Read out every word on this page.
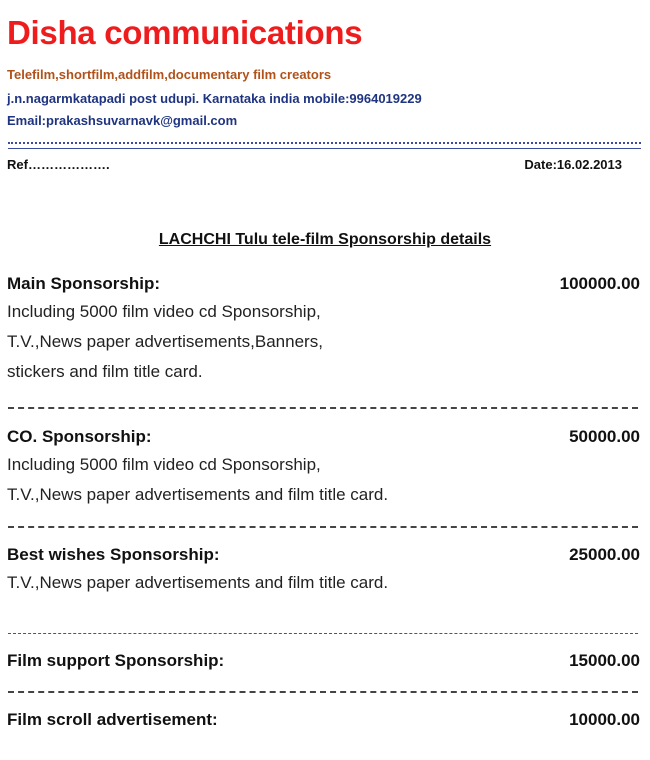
Disha communications
Telefilm,shortfilm,addfilm,documentary film creators
j.n.nagarmkatapadi post udupi. Karnataka india mobile:9964019229
Email:prakashsuvarnavk@gmail.com
Ref……………….	Date:16.02.2013
LACHCHI Tulu tele-film Sponsorship details
Main Sponsorship:	100000.00
Including 5000 film video cd Sponsorship,
T.V.,News paper advertisements,Banners,
stickers and film title card.
CO. Sponsorship:	50000.00
Including 5000 film video cd Sponsorship,
T.V.,News paper advertisements and film title card.
Best wishes Sponsorship:	25000.00
T.V.,News paper advertisements and film title card.
Film support Sponsorship:	15000.00
Film scroll advertisement:	10000.00
